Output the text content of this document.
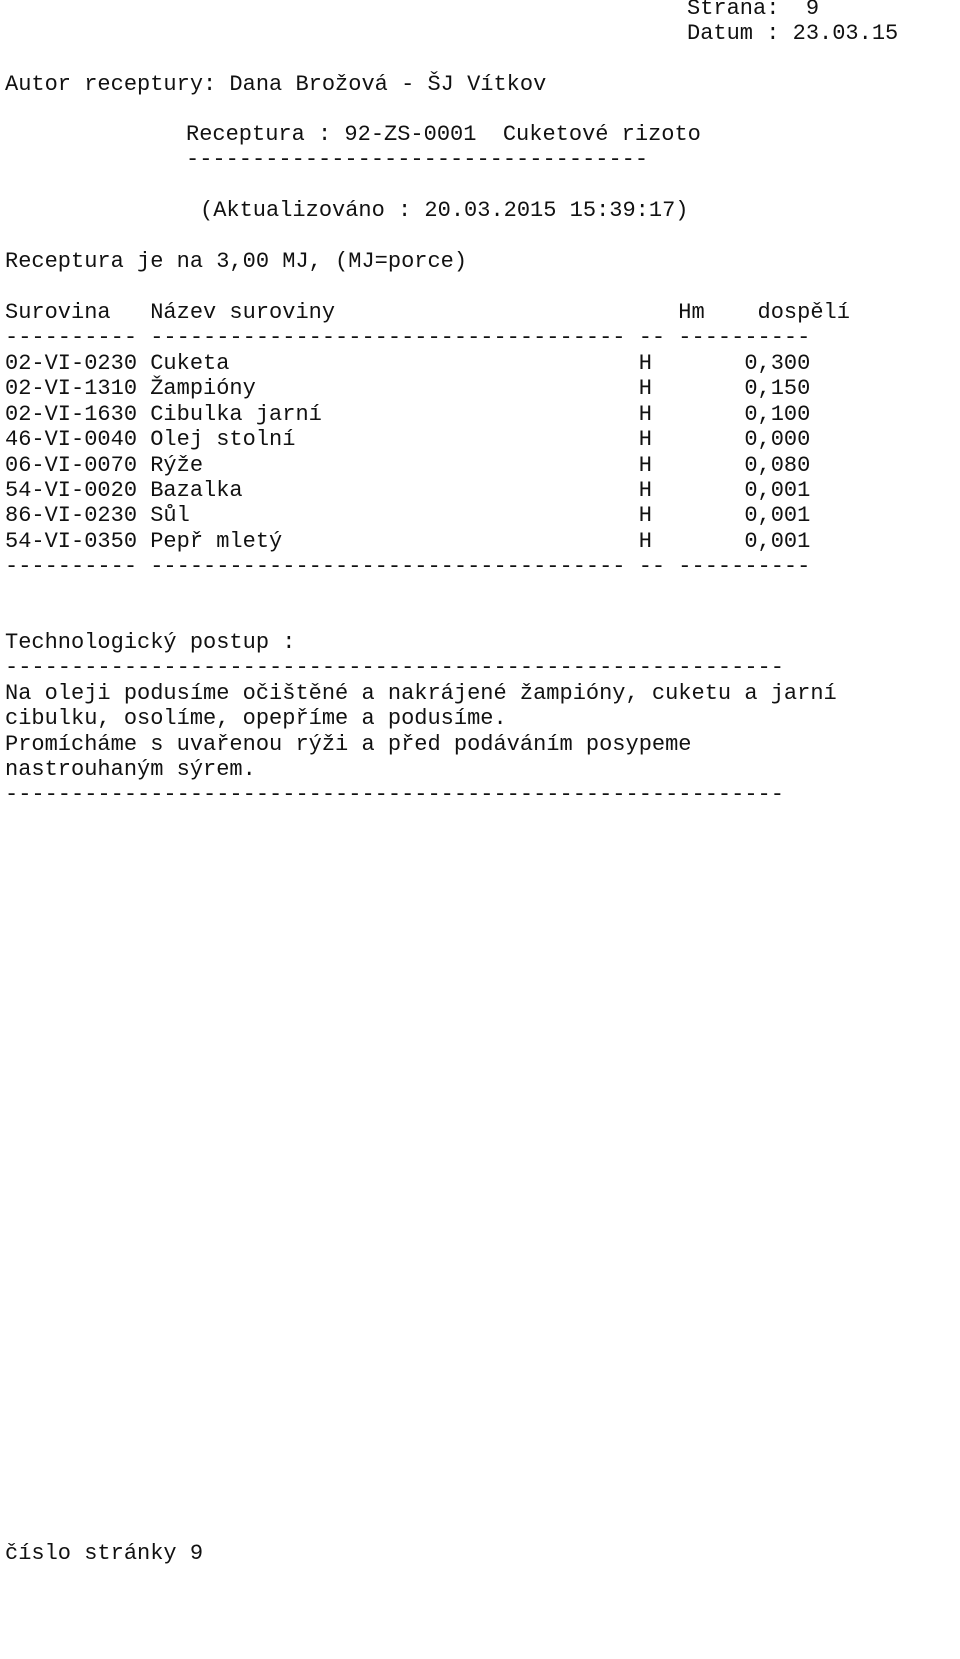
Strana:  9
Datum : 23.03.15
Autor receptury: Dana Brožová - ŠJ Vítkov
Receptura : 92-ZS-0001  Cuketové rizoto
-----------------------------------
(Aktualizováno : 20.03.2015 15:39:17)
Receptura je na 3,00 MJ, (MJ=porce)
Surovina   Název suroviny                          Hm    dospělí
---------- ------------------------------------ -- ----------
02-VI-0230 Cuketa                               H       0,300
02-VI-1310 Žampióny                             H       0,150
02-VI-1630 Cibulka jarní                        H       0,100
46-VI-0040 Olej stolní                          H       0,000
06-VI-0070 Rýže                                 H       0,080
54-VI-0020 Bazalka                              H       0,001
86-VI-0230 Sůl                                  H       0,001
54-VI-0350 Pepř mletý                           H       0,001
---------- ------------------------------------ -- ----------
Technologický postup :
-----------------------------------------------------------
Na oleji podusíme očištěné a nakrájené žampióny, cuketu a jarní
cibulku, osolíme, opepříme a podusíme.
Promícháme s uvařenou rýži a před podáváním posypeme
nastrouhaným sýrem.
-----------------------------------------------------------
číslo stránky 9
